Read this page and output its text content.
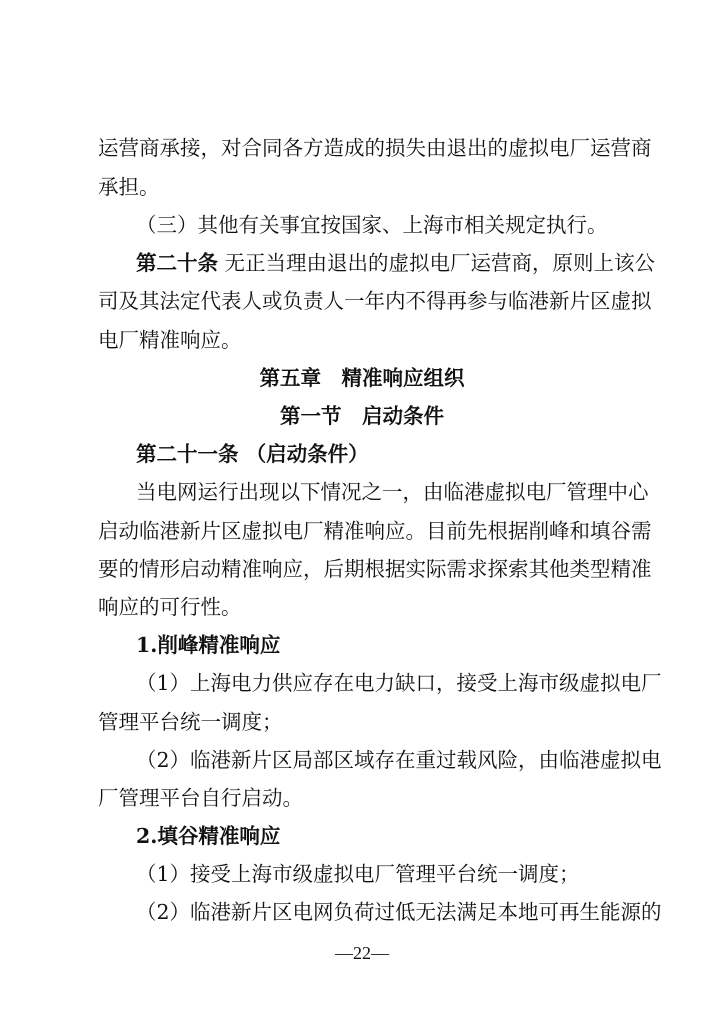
运营商承接，对合同各方造成的损失由退出的虚拟电厂运营商
承担。
（三）其他有关事宜按国家、上海市相关规定执行。
第二十条 无正当理由退出的虚拟电厂运营商，原则上该公
司及其法定代表人或负责人一年内不得再参与临港新片区虚拟
电厂精准响应。
第五章　精准响应组织
第一节　启动条件
第二十一条 （启动条件）
当电网运行出现以下情况之一，由临港虚拟电厂管理中心
启动临港新片区虚拟电厂精准响应。目前先根据削峰和填谷需
要的情形启动精准响应，后期根据实际需求探索其他类型精准
响应的可行性。
1.削峰精准响应
（1）上海电力供应存在电力缺口，接受上海市级虚拟电厂
管理平台统一调度；
（2）临港新片区局部区域存在重过载风险，由临港虚拟电
厂管理平台自行启动。
2.填谷精准响应
（1）接受上海市级虚拟电厂管理平台统一调度；
（2）临港新片区电网负荷过低无法满足本地可再生能源的
—22—
